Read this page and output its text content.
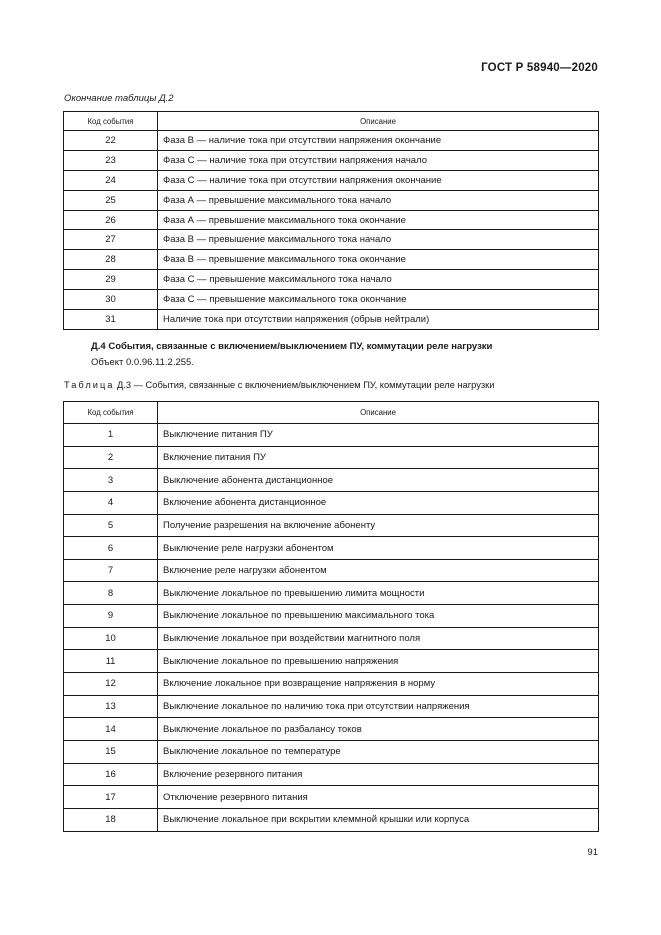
ГОСТ Р 58940—2020
Окончание таблицы Д.2
Код события	Описание
22	Фаза В — наличие тока при отсутствии напряжения окончание
23	Фаза С — наличие тока при отсутствии напряжения начало
24	Фаза С — наличие тока при отсутствии напряжения окончание
25	Фаза А — превышение максимального тока начало
26	Фаза А — превышение максимального тока окончание
27	Фаза В — превышение максимального тока начало
28	Фаза В — превышение максимального тока окончание
29	Фаза С — превышение максимального тока начало
30	Фаза С — превышение максимального тока окончание
31	Наличие тока при отсутствии напряжения (обрыв нейтрали)
Д.4 События, связанные с включением/выключением ПУ, коммутации реле нагрузки
Объект 0.0.96.11.2.255.
Таблица Д.3 — События, связанные с включением/выключением ПУ, коммутации реле нагрузки
Код события	Описание
1	Выключение питания ПУ
2	Включение питания ПУ
3	Выключение абонента дистанционное
4	Включение абонента дистанционное
5	Получение разрешения на включение абоненту
6	Выключение реле нагрузки абонентом
7	Включение реле нагрузки абонентом
8	Выключение локальное по превышению лимита мощности
9	Выключение локальное по превышению максимального тока
10	Выключение локальное при воздействии магнитного поля
11	Выключение локальное по превышению напряжения
12	Включение локальное при возвращение напряжения в норму
13	Выключение локальное по наличию тока при отсутствии напряжения
14	Выключение локальное по разбалансу токов
15	Выключение локальное по температуре
16	Включение резервного питания
17	Отключение резервного питания
18	Выключение локальное при вскрытии клеммной крышки или корпуса
91
